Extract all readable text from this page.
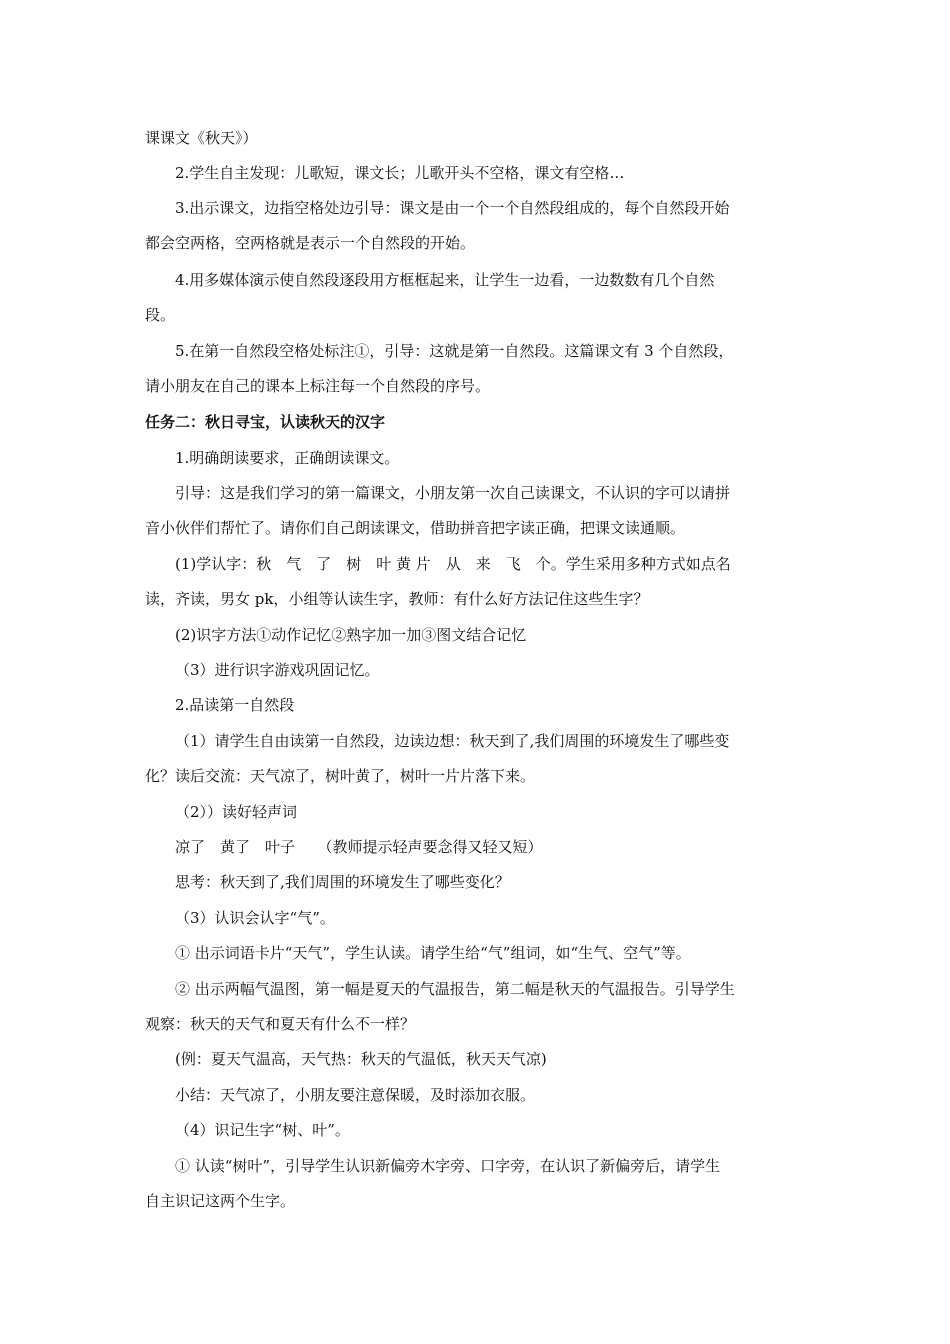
课课文《秋天》）
2.学生自主发现：儿歌短，课文长；儿歌开头不空格，课文有空格…
3.出示课文，边指空格处边引导：课文是由一个一个自然段组成的，每个自然段开始
都会空两格，空两格就是表示一个自然段的开始。
4.用多媒体演示使自然段逐段用方框框起来，让学生一边看，一边数数有几个自然
段。
5.在第一自然段空格处标注①，引导：这就是第一自然段。这篇课文有 3 个自然段，
请小朋友在自己的课本上标注每一个自然段的序号。
任务二：秋日寻宝，认读秋天的汉字
1.明确朗读要求，正确朗读课文。
引导：这是我们学习的第一篇课文，小朋友第一次自己读课文，不认识的字可以请拼
音小伙伴们帮忙了。请你们自己朗读课文，借助拼音把字读正确，把课文读通顺。
(1)学认字：秋　气　了　树　叶 黄 片　从　来　飞　个。学生采用多种方式如点名
读，齐读，男女 pk，小组等认读生字，教师：有什么好方法记住这些生字？
(2)识字方法①动作记忆②熟字加一加③图文结合记忆
（3）进行识字游戏巩固记忆。
2.品读第一自然段
（1）请学生自由读第一自然段，边读边想：秋天到了,我们周围的环境发生了哪些变
化？读后交流：天气凉了，树叶黄了，树叶一片片落下来。
（2））读好轻声词
凉了　黄了　叶子　　（教师提示轻声要念得又轻又短）
思考：秋天到了,我们周围的环境发生了哪些变化？
（3）认识会认字“气”。
① 出示词语卡片“天气”，学生认读。请学生给“气”组词，如“生气、空气”等。
② 出示两幅气温图，第一幅是夏天的气温报告，第二幅是秋天的气温报告。引导学生
观察：秋天的天气和夏天有什么不一样？
(例：夏天气温高，天气热：秋天的气温低，秋天天气凉)
小结：天气凉了，小朋友要注意保暖，及时添加衣服。
（4）识记生字“树、叶”。
① 认读“树叶”，引导学生认识新偏旁木字旁、口字旁，在认识了新偏旁后，请学生
自主识记这两个生字。
